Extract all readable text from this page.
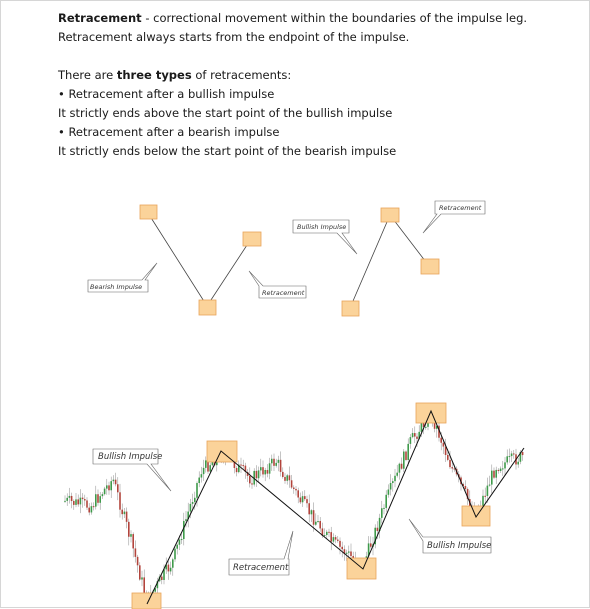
Retracement - correctional movement within the boundaries of the impulse leg.

Retracement always starts from the endpoint of the impulse.

There are three types of retracements:

• Retracement after a bullish impulse

It strictly ends above the start point of the bullish impulse

• Retracement after a bearish impulse

It strictly ends below the start point of the bearish impulse

Bearish Impulse
Retracement
Bullish Impulse
Retracement
Bullish Impulse
Retracement
Bullish Impulse
